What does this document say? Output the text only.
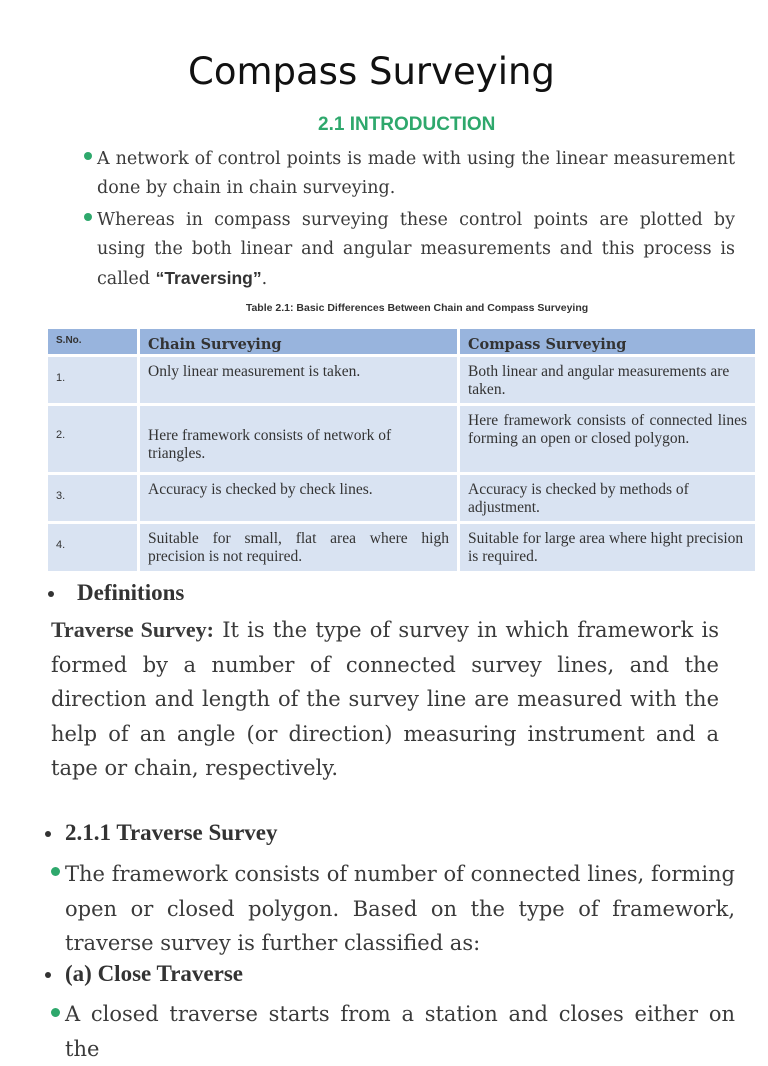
Compass Surveying
2.1 INTRODUCTION

A network of control points is made with using the linear measurement done by chain in chain surveying.

Whereas in compass surveying these control points are plotted by using the both linear and angular measurements and this process is called “Traversing”.

Table 2.1: Basic Differences Between Chain and Compass Surveying
S.No.	Chain Surveying	Compass Surveying
1.	Only linear measurement is taken.	Both linear and angular measurements are taken.
2.	Here framework consists of network of triangles.	Here framework consists of connected lines forming an open or closed polygon.
3.	Accuracy is checked by check lines.	Accuracy is checked by methods of adjustment.
4.	Suitable for small, flat area where high precision is not required.	Suitable for large area where hight precision is required.
Definitions

Traverse Survey: It is the type of survey in which framework is formed by a number of connected survey lines, and the direction and length of the survey line are measured with the help of an angle (or direction) measuring instrument and a tape or chain, respectively.

2.1.1 Traverse Survey

The framework consists of number of connected lines, forming open or closed polygon. Based on the type of framework, traverse survey is further classified as:

(a) Close Traverse

A closed traverse starts from a station and closes either on the
